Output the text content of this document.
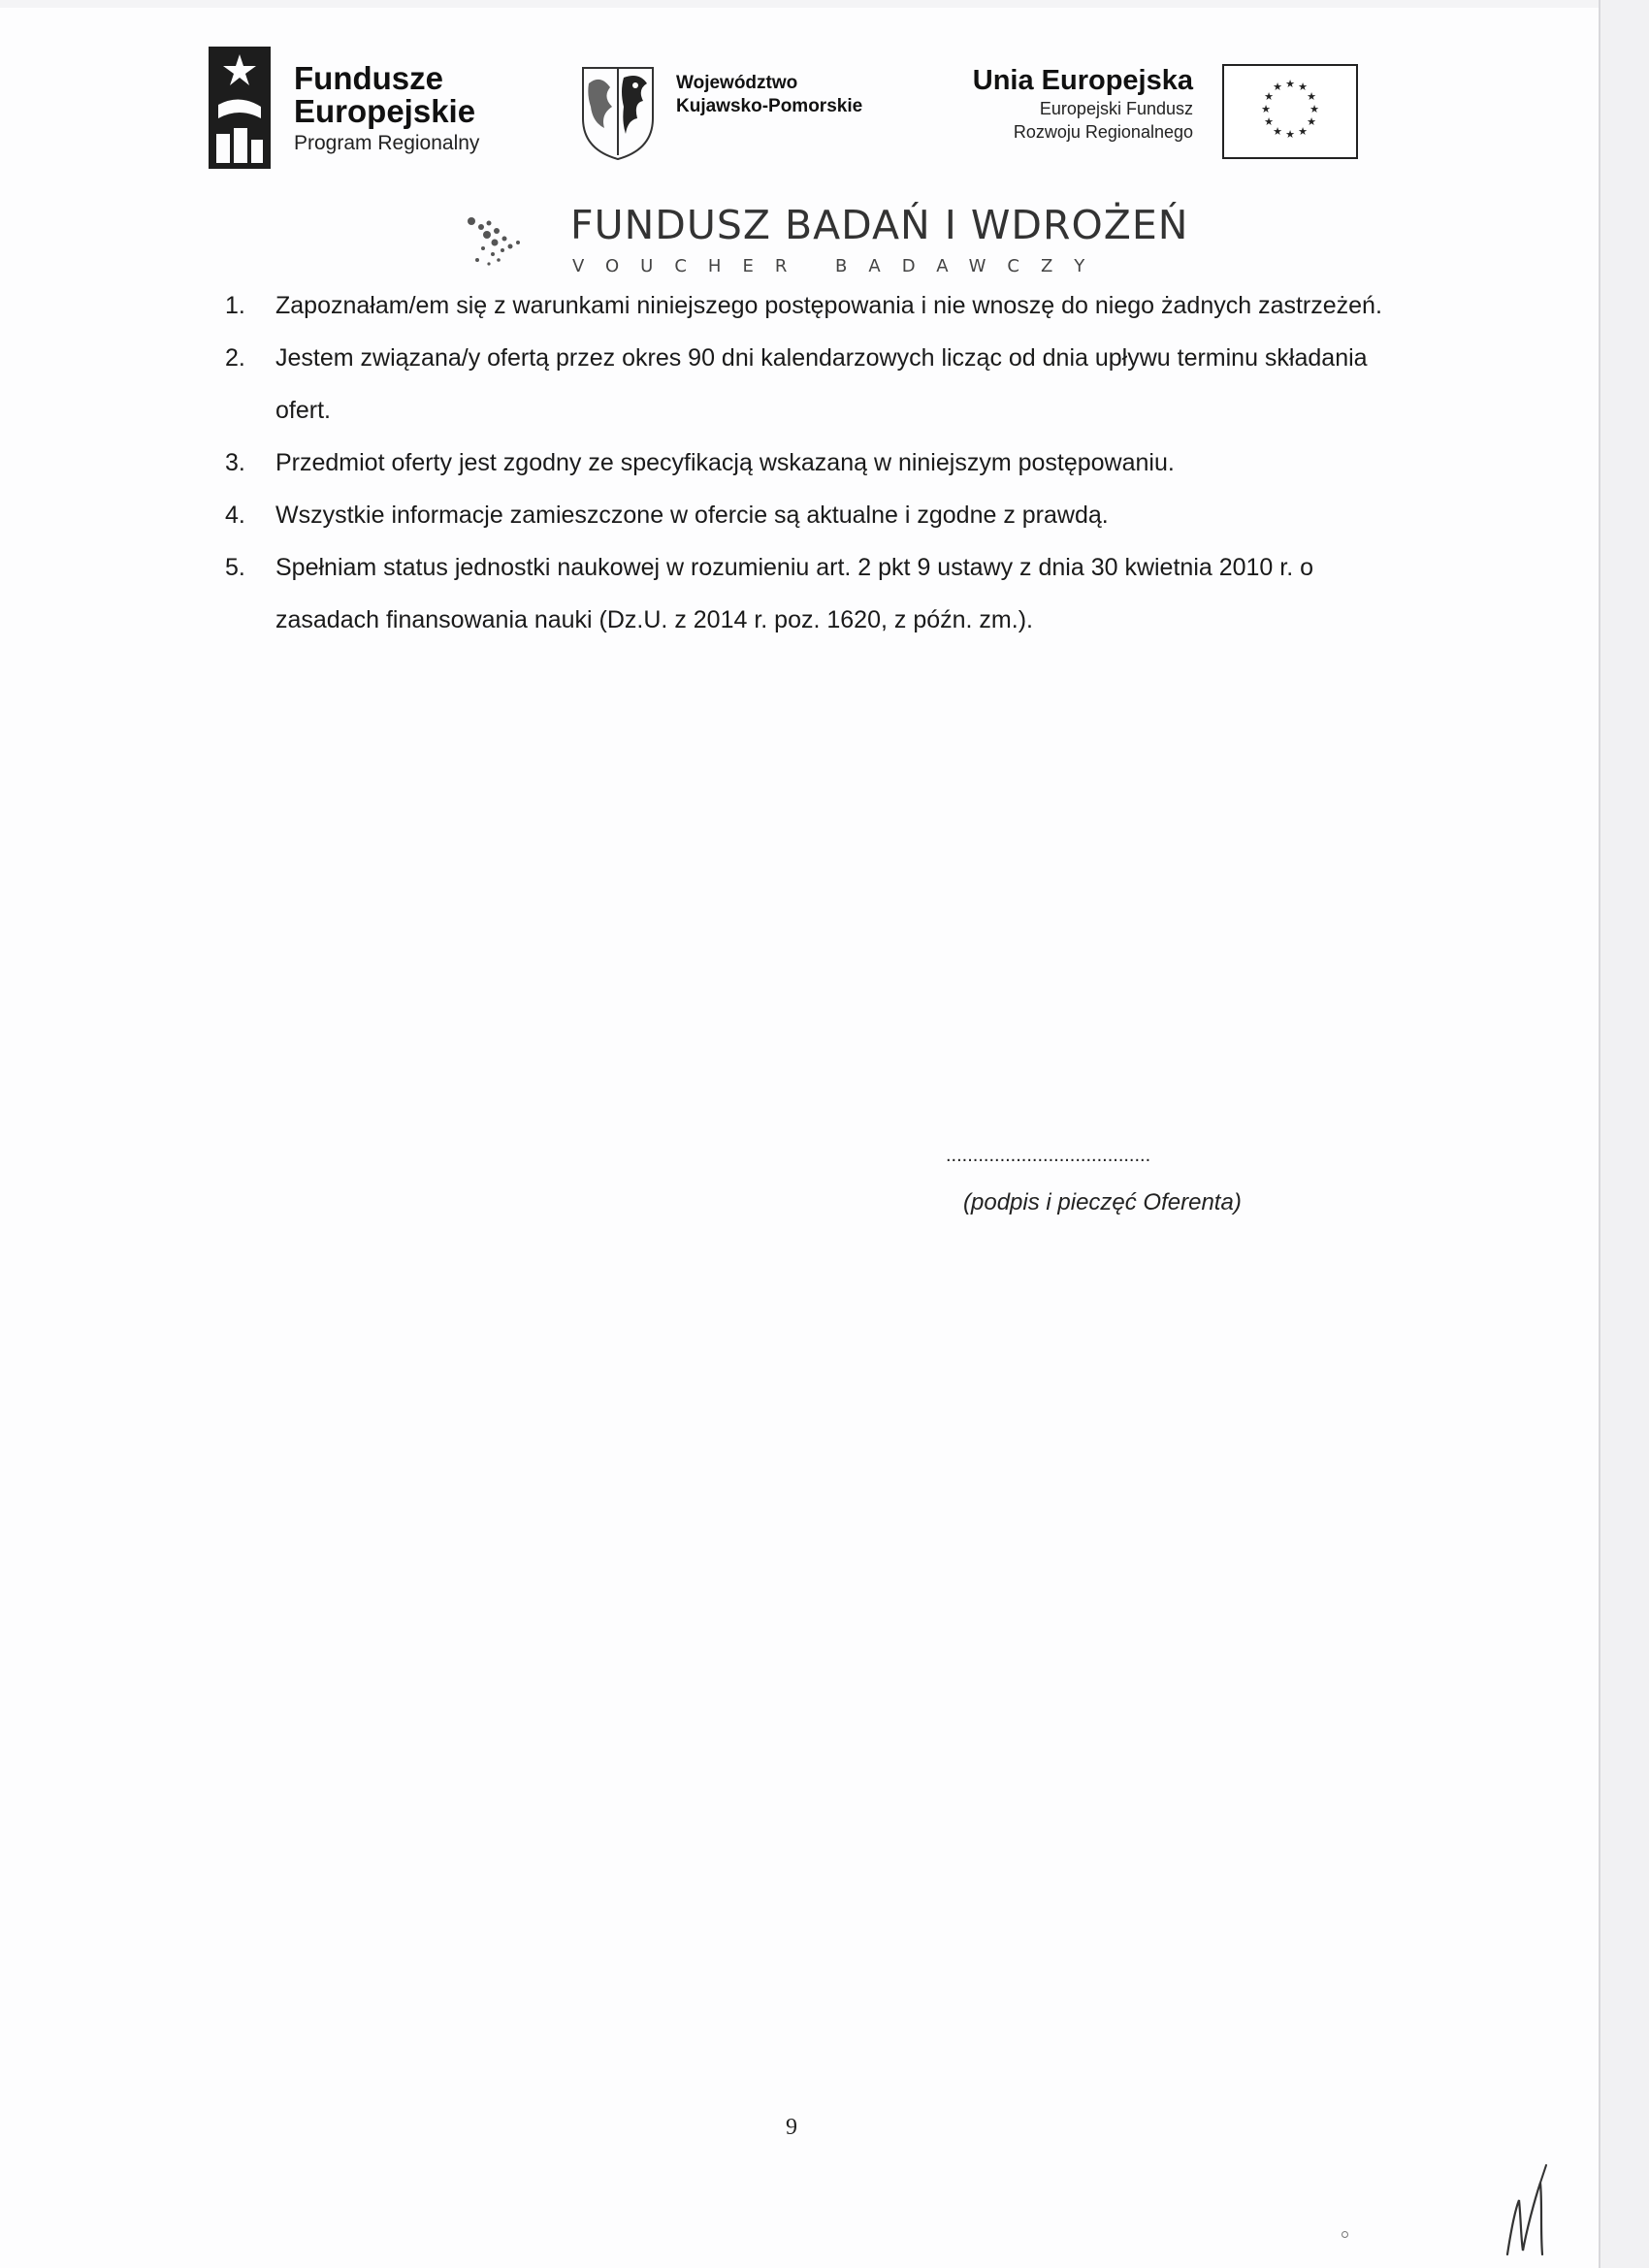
Fundusze
Europejskie
Program Regionalny
Województwo
Kujawsko-Pomorskie
Unia Europejska
Europejski Fundusz
Rozwoju Regionalnego
★ ★
★
★
★
★
★
★
★
★
★
★
FUNDUSZ BADAŃ I WDROŻEŃ
VOUCHER BADAWCZY
1. Zapoznałam/em się z warunkami niniejszego postępowania i nie wnoszę do niego żadnych zastrzeżeń.
2. Jestem związana/y ofertą przez okres 90 dni kalendarzowych licząc od dnia upływu terminu składania ofert.
3. Przedmiot oferty jest zgodny ze specyfikacją wskazaną w niniejszym postępowaniu.
4. Wszystkie informacje zamieszczone w ofercie są aktualne i zgodne z prawdą.
5. Spełniam status jednostki naukowej w rozumieniu art. 2 pkt 9 ustawy z dnia 30 kwietnia 2010 r. o zasadach finansowania nauki (Dz.U. z 2014 r. poz. 1620, z późn. zm.).
......................................
(podpis i pieczęć Oferenta)
9
